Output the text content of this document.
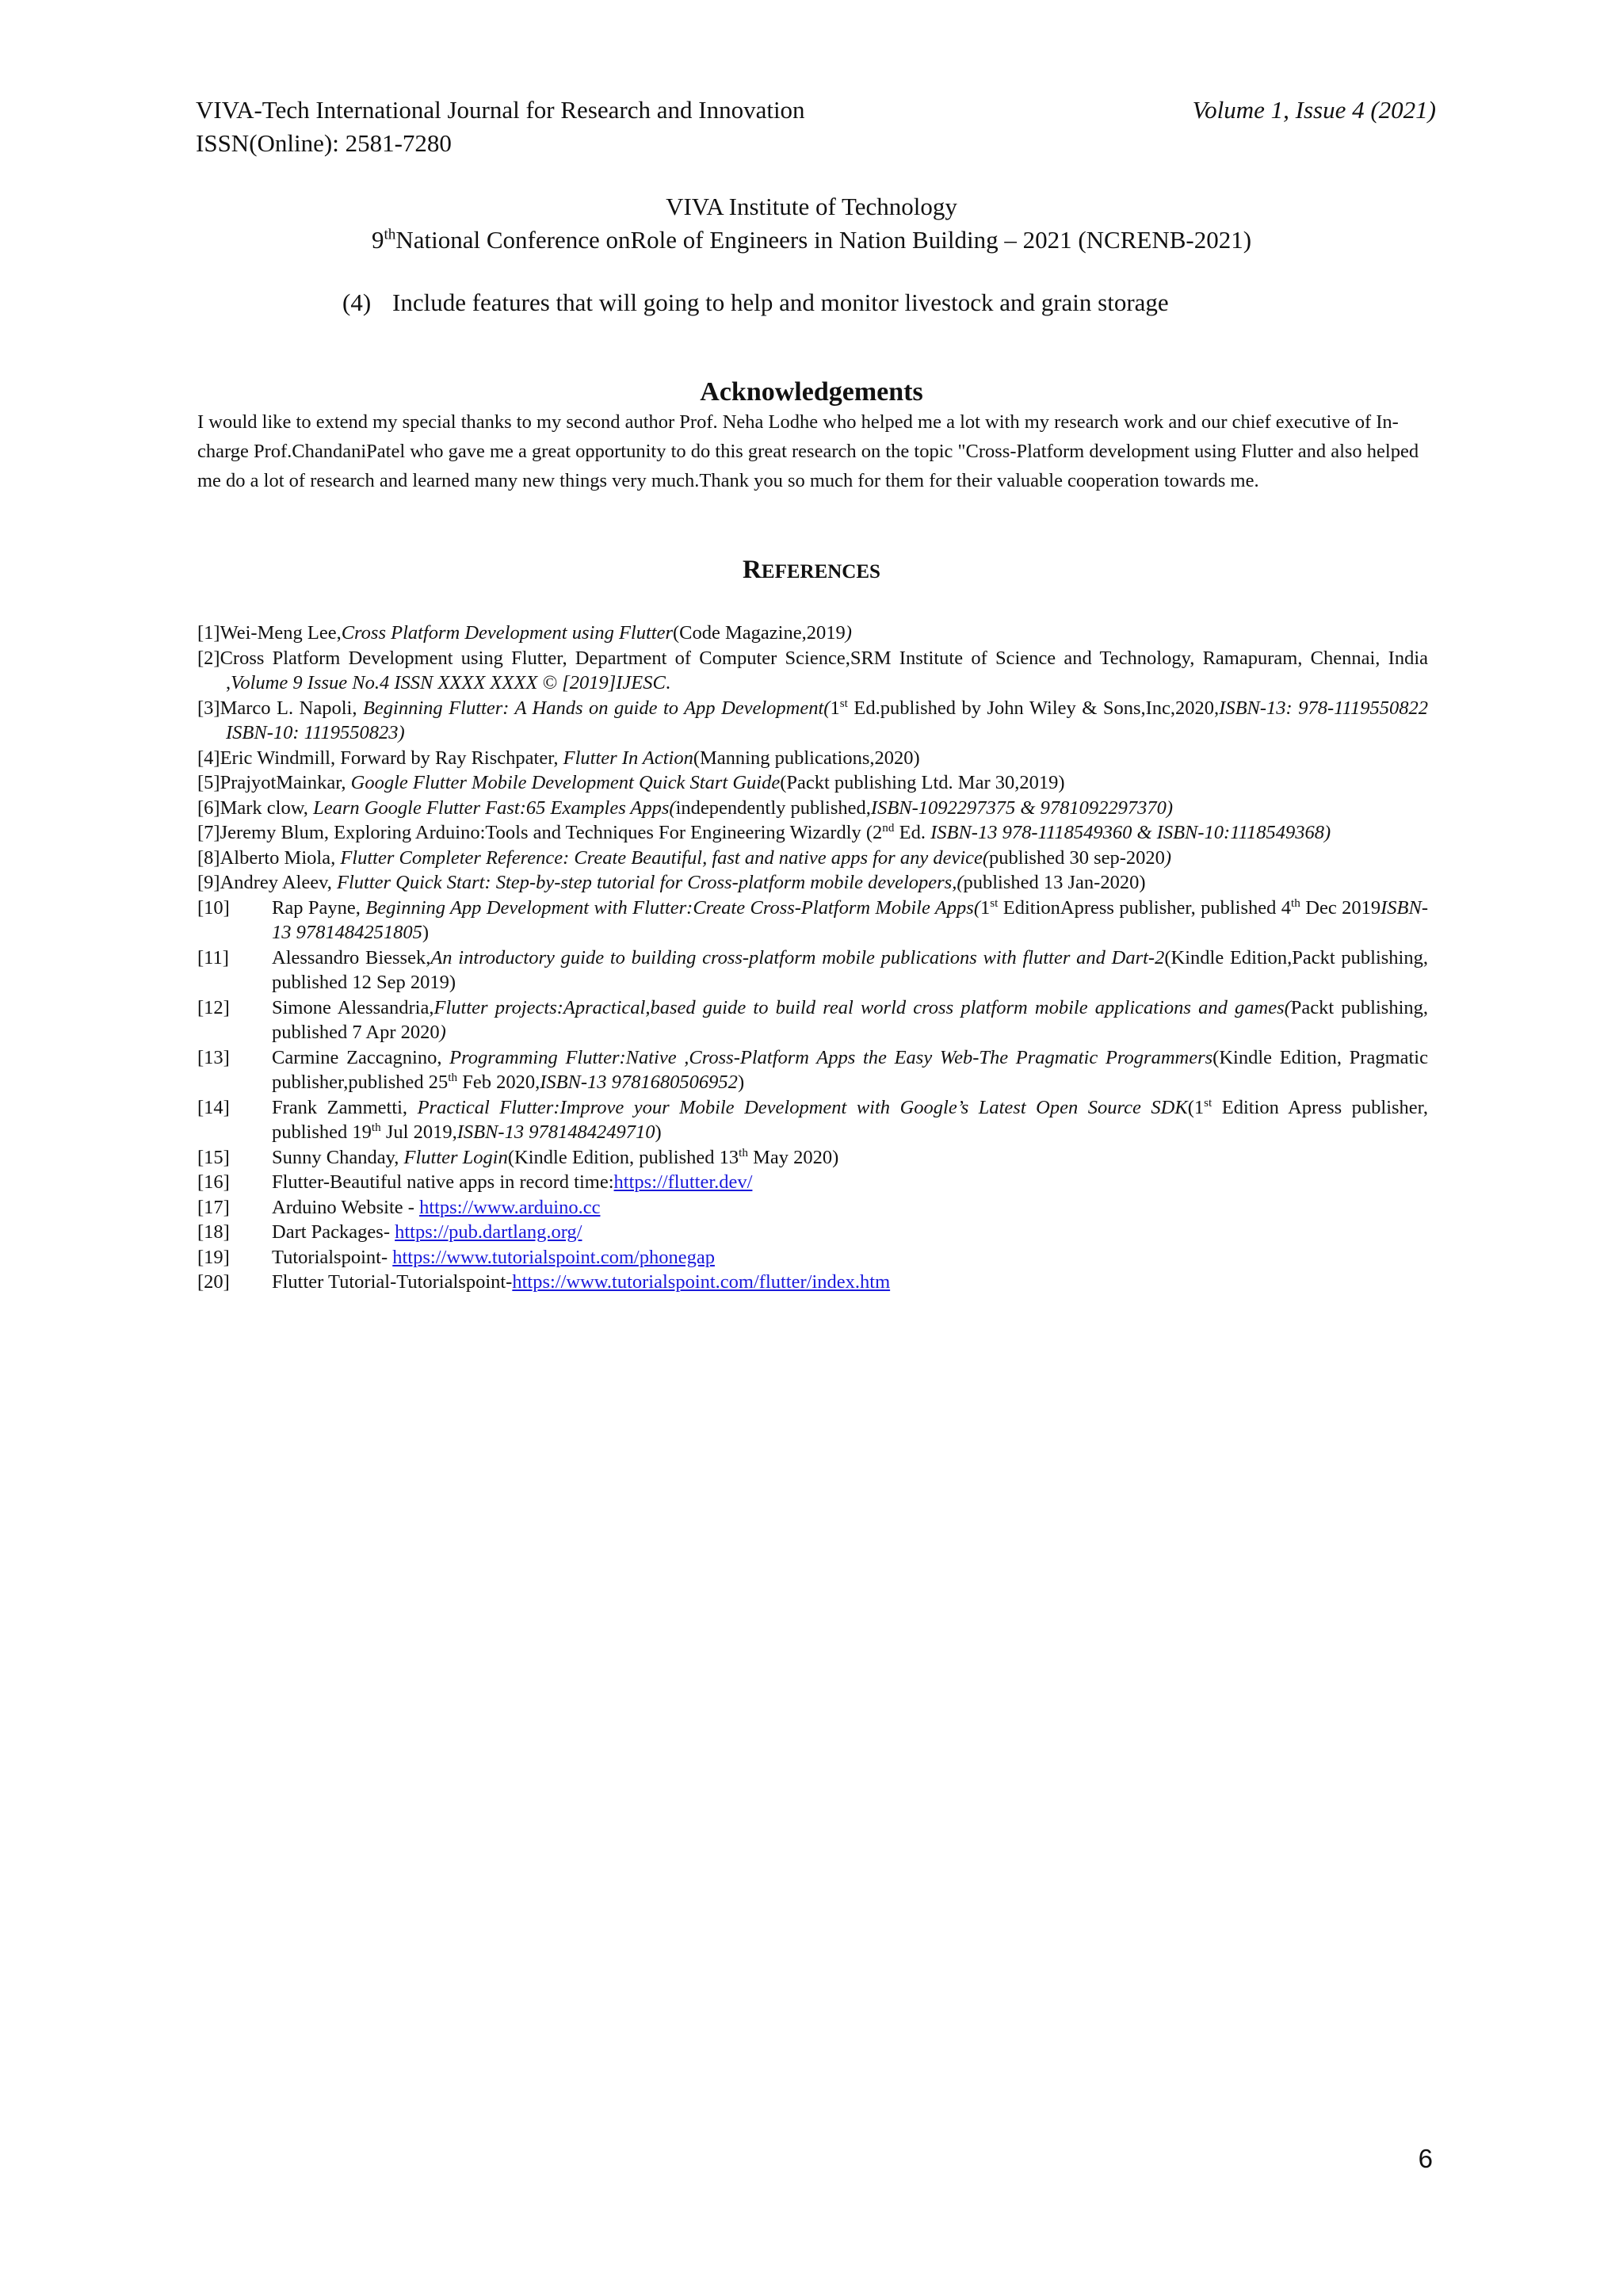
VIVA-Tech International Journal for Research and Innovation
ISSN(Online): 2581-7280
Volume 1, Issue 4 (2021)
VIVA Institute of Technology
9thNational Conference onRole of Engineers in Nation Building – 2021 (NCRENB-2021)
(4) Include features that will going to help and monitor livestock and grain storage
Acknowledgements
I would like to extend my special thanks to my second author Prof. Neha Lodhe who helped me a lot with my research work and our chief executive of In-charge Prof.ChandaniPatel who gave me a great opportunity to do this great research on the topic "Cross-Platform development using Flutter and also helped me do a lot of research and learned many new things very much.Thank you so much for them for their valuable cooperation towards me.
REFERENCES
[1]Wei-Meng Lee,Cross Platform Development using Flutter(Code Magazine,2019)
[2]Cross Platform Development using Flutter, Department of Computer Science,SRM Institute of Science and Technology, Ramapuram, Chennai, India ,Volume 9 Issue No.4 ISSN XXXX XXXX © [2019]IJESC.
[3]Marco L. Napoli, Beginning Flutter: A Hands on guide to App Development(1st Ed.published by John Wiley & Sons,Inc,2020,ISBN-13: 978-1119550822 ISBN-10: 1119550823)
[4]Eric Windmill, Forward by Ray Rischpater, Flutter In Action(Manning publications,2020)
[5]PrajyotMainkar, Google Flutter Mobile Development Quick Start Guide(Packt publishing Ltd. Mar 30,2019)
[6]Mark clow, Learn Google Flutter Fast:65 Examples Apps(independently published,ISBN-1092297375 & 9781092297370)
[7]Jeremy Blum, Exploring Arduino:Tools and Techniques For Engineering Wizardly (2nd Ed. ISBN-13 978-1118549360 & ISBN-10:1118549368)
[8]Alberto Miola, Flutter Completer Reference: Create Beautiful, fast and native apps for any device(published 30 sep-2020)
[9]Andrey Aleev, Flutter Quick Start: Step-by-step tutorial for Cross-platform mobile developers,(published 13 Jan-2020)
[10] Rap Payne, Beginning App Development with Flutter:Create Cross-Platform Mobile Apps(1st EditionApress publisher, published 4th Dec 2019ISBN-13 9781484251805)
[11] Alessandro Biessek,An introductory guide to building cross-platform mobile publications with flutter and Dart-2(Kindle Edition,Packt publishing, published 12 Sep 2019)
[12] Simone Alessandria,Flutter projects:Apractical,based guide to build real world cross platform mobile applications and games(Packt publishing, published 7 Apr 2020)
[13] Carmine Zaccagnino, Programming Flutter:Native ,Cross-Platform Apps the Easy Web-The Pragmatic Programmers(Kindle Edition, Pragmatic publisher,published 25th Feb 2020,ISBN-13 9781680506952)
[14] Frank Zammetti, Practical Flutter:Improve your Mobile Development with Google’s Latest Open Source SDK(1st Edition Apress publisher, published 19th Jul 2019,ISBN-13 9781484249710)
[15] Sunny Chanday, Flutter Login(Kindle Edition, published 13th May 2020)
[16] Flutter-Beautiful native apps in record time:https://flutter.dev/
[17] Arduino Website - https://www.arduino.cc
[18] Dart Packages- https://pub.dartlang.org/
[19] Tutorialspoint- https://www.tutorialspoint.com/phonegap
[20] Flutter Tutorial-Tutorialspoint-https://www.tutorialspoint.com/flutter/index.htm
6
